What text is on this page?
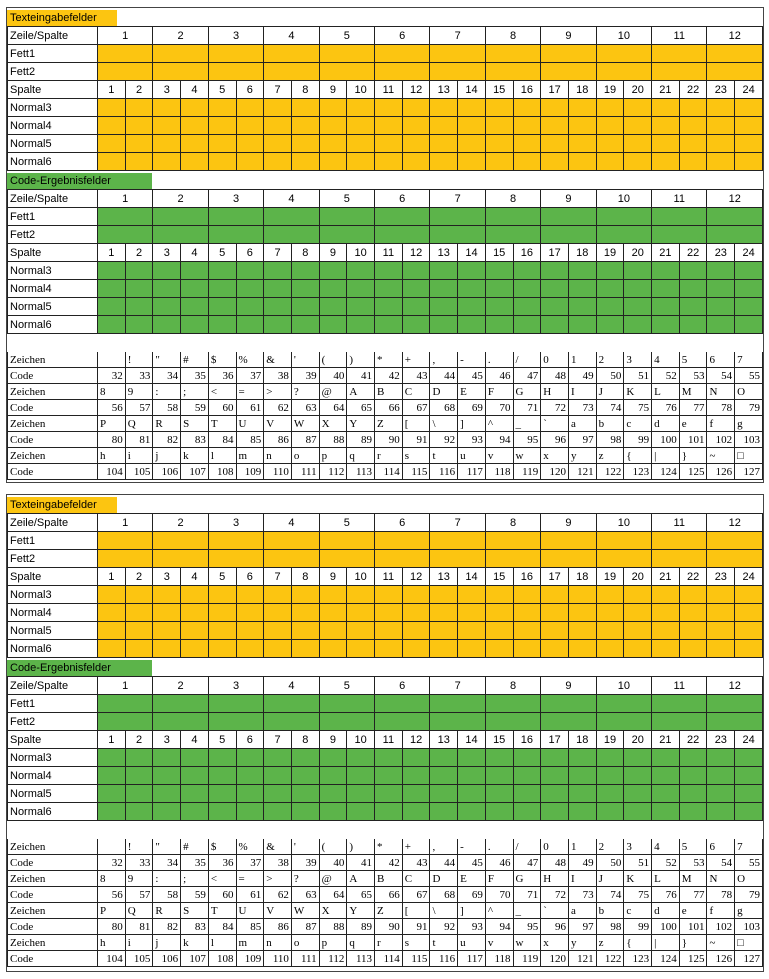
Texteingabefelder
Zeile/Spalte	1		2		3		4		5		6		7		8		9		10		11		12	
Fett1																								
Fett2																								
Spalte	1	2	3	4	5	6	7	8	9	10	11	12	13	14	15	16	17	18	19	20	21	22	23	24
Normal3																								
Normal4																								
Normal5																								
Normal6																								
Code-Ergebnisfelder
Zeile/Spalte	1		2		3		4		5		6		7		8		9		10		11		12	
Fett1																								
Fett2																								
Spalte	1	2	3	4	5	6	7	8	9	10	11	12	13	14	15	16	17	18	19	20	21	22	23	24
Normal3																								
Normal4																								
Normal5																								
Normal6																								
Zeichen		!	"	#	$	%	&	'	(	)	*	+	,	-	.	/	0	1	2	3	4	5	6	7
Code	32	33	34	35	36	37	38	39	40	41	42	43	44	45	46	47	48	49	50	51	52	53	54	55
Zeichen	8	9	:	;	<	=	>	?	@	A	B	C	D	E	F	G	H	I	J	K	L	M	N	O
Code	56	57	58	59	60	61	62	63	64	65	66	67	68	69	70	71	72	73	74	75	76	77	78	79
Zeichen	P	Q	R	S	T	U	V	W	X	Y	Z	[	\	]	^	_	`	a	b	c	d	e	f	g
Code	80	81	82	83	84	85	86	87	88	89	90	91	92	93	94	95	96	97	98	99	100	101	102	103
Zeichen	h	i	j	k	l	m	n	o	p	q	r	s	t	u	v	w	x	y	z	{	|	}	~	□
Code	104	105	106	107	108	109	110	111	112	113	114	115	116	117	118	119	120	121	122	123	124	125	126	127
Texteingabefelder
Zeile/Spalte	1		2		3		4		5		6		7		8		9		10		11		12	
Fett1																								
Fett2																								
Spalte	1	2	3	4	5	6	7	8	9	10	11	12	13	14	15	16	17	18	19	20	21	22	23	24
Normal3																								
Normal4																								
Normal5																								
Normal6																								
Code-Ergebnisfelder
Zeile/Spalte	1		2		3		4		5		6		7		8		9		10		11		12	
Fett1																								
Fett2																								
Spalte	1	2	3	4	5	6	7	8	9	10	11	12	13	14	15	16	17	18	19	20	21	22	23	24
Normal3																								
Normal4																								
Normal5																								
Normal6																								
Zeichen		!	"	#	$	%	&	'	(	)	*	+	,	-	.	/	0	1	2	3	4	5	6	7
Code	32	33	34	35	36	37	38	39	40	41	42	43	44	45	46	47	48	49	50	51	52	53	54	55
Zeichen	8	9	:	;	<	=	>	?	@	A	B	C	D	E	F	G	H	I	J	K	L	M	N	O
Code	56	57	58	59	60	61	62	63	64	65	66	67	68	69	70	71	72	73	74	75	76	77	78	79
Zeichen	P	Q	R	S	T	U	V	W	X	Y	Z	[	\	]	^	_	`	a	b	c	d	e	f	g
Code	80	81	82	83	84	85	86	87	88	89	90	91	92	93	94	95	96	97	98	99	100	101	102	103
Zeichen	h	i	j	k	l	m	n	o	p	q	r	s	t	u	v	w	x	y	z	{	|	}	~	□
Code	104	105	106	107	108	109	110	111	112	113	114	115	116	117	118	119	120	121	122	123	124	125	126	127
